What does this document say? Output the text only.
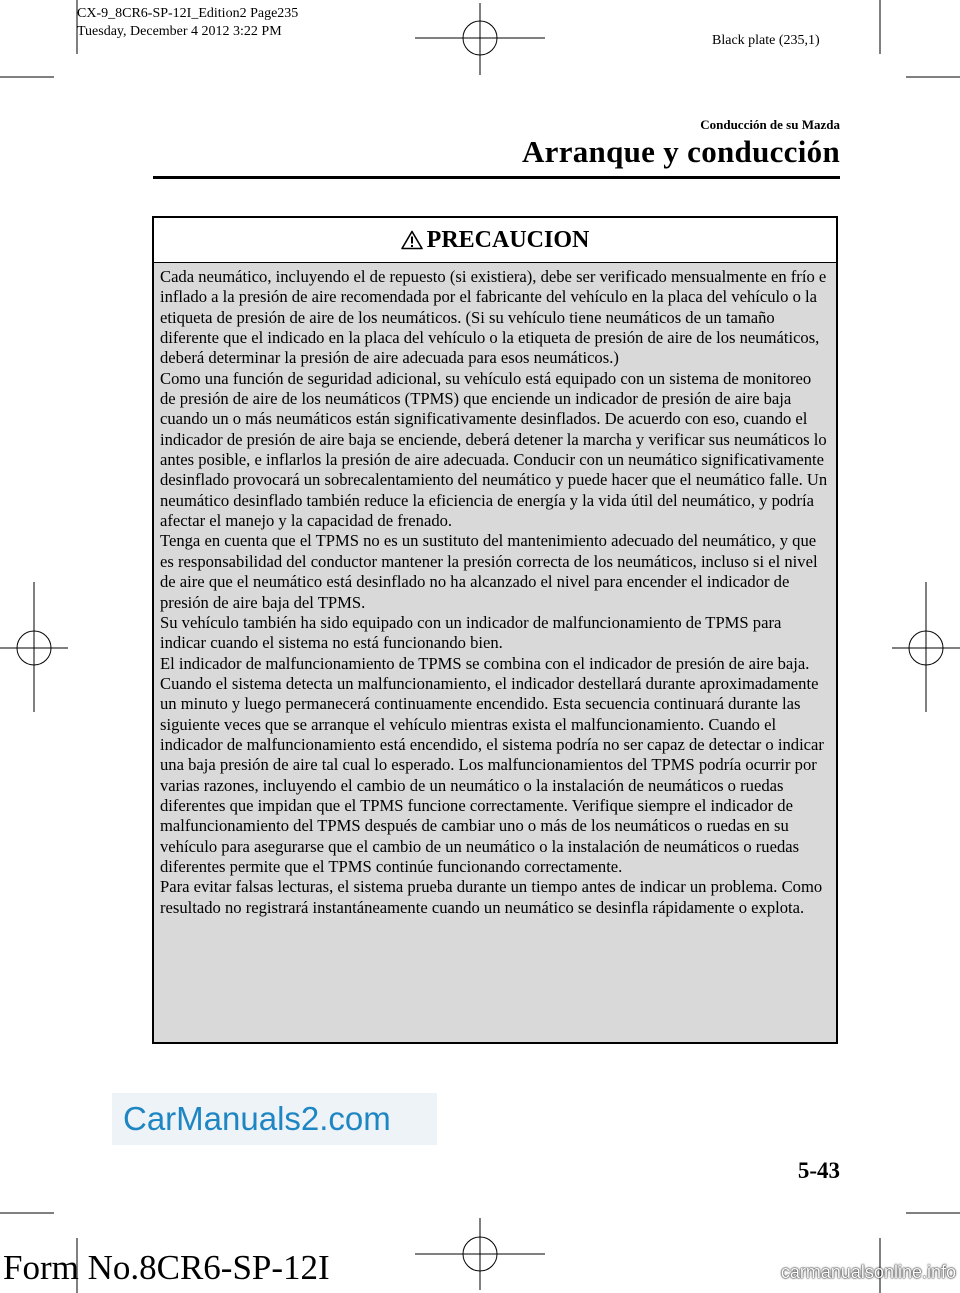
CX-9_8CR6-SP-12I_Edition2 Page235
Tuesday, December 4 2012 3:22 PM
Black plate (235,1)
Conducción de su Mazda
Arranque y conducción
PRECAUCION

Cada neumático, incluyendo el de repuesto (si existiera), debe ser verificado mensualmente en frío e inflado a la presión de aire recomendada por el fabricante del vehículo en la placa del vehículo o la etiqueta de presión de aire de los neumáticos. (Si su vehículo tiene neumáticos de un tamaño diferente que el indicado en la placa del vehículo o la etiqueta de presión de aire de los neumáticos, deberá determinar la presión de aire adecuada para esos neumáticos.)

Como una función de seguridad adicional, su vehículo está equipado con un sistema de monitoreo de presión de aire de los neumáticos (TPMS) que enciende un indicador de presión de aire baja cuando un o más neumáticos están significativamente desinflados. De acuerdo con eso, cuando el indicador de presión de aire baja se enciende, deberá detener la marcha y verificar sus neumáticos lo antes posible, e inflarlos la presión de aire adecuada. Conducir con un neumático significativamente desinflado provocará un sobrecalentamiento del neumático y puede hacer que el neumático falle. Un neumático desinflado también reduce la eficiencia de energía y la vida útil del neumático, y podría afectar el manejo y la capacidad de frenado.

Tenga en cuenta que el TPMS no es un sustituto del mantenimiento adecuado del neumático, y que es responsabilidad del conductor mantener la presión correcta de los neumáticos, incluso si el nivel de aire que el neumático está desinflado no ha alcanzado el nivel para encender el indicador de presión de aire baja del TPMS.

Su vehículo también ha sido equipado con un indicador de malfuncionamiento de TPMS para indicar cuando el sistema no está funcionando bien.

El indicador de malfuncionamiento de TPMS se combina con el indicador de presión de aire baja. Cuando el sistema detecta un malfuncionamiento, el indicador destellará durante aproximadamente un minuto y luego permanecerá continuamente encendido. Esta secuencia continuará durante las siguiente veces que se arranque el vehículo mientras exista el malfuncionamiento. Cuando el indicador de malfuncionamiento está encendido, el sistema podría no ser capaz de detectar o indicar una baja presión de aire tal cual lo esperado. Los malfuncionamientos del TPMS podría ocurrir por varias razones, incluyendo el cambio de un neumático o la instalación de neumáticos o ruedas diferentes que impidan que el TPMS funcione correctamente. Verifique siempre el indicador de malfuncionamiento del TPMS después de cambiar uno o más de los neumáticos o ruedas en su vehículo para asegurarse que el cambio de un neumático o la instalación de neumáticos o ruedas diferentes permite que el TPMS continúe funcionando correctamente.

Para evitar falsas lecturas, el sistema prueba durante un tiempo antes de indicar un problema. Como resultado no registrará instantáneamente cuando un neumático se desinfla rápidamente o explota.

CarManuals2.com
5-43
Form No.8CR6-SP-12I	carmanualsonline.info
